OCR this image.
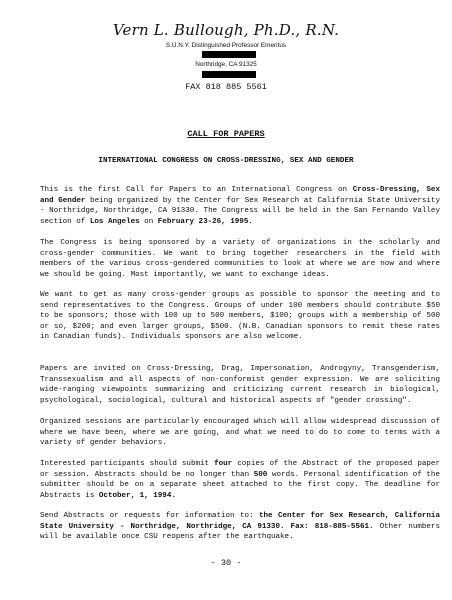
Vern L. Bullough, Ph.D., R.N.
S.U.N.Y. Distinguished Professor Emeritus
Northridge, CA 91325
FAX 818 885 5561
CALL FOR PAPERS
INTERNATIONAL CONGRESS ON CROSS-DRESSING, SEX AND GENDER

This is the first Call for Papers to an International Congress on Cross-Dressing, Sex and Gender being organized by the Center for Sex Research at California State University - Northridge, Northridge, CA 91330. The Congress will be held in the San Fernando Valley section of Los Angeles on February 23-26, 1995.

The Congress is being sponsored by a variety of organizations in the scholarly and cross-gender communities. We want to bring together researchers in the field with members of the various cross-gendered communities to look at where we are now and where we should be going. Most importantly, we want to exchange ideas.

We want to get as many cross-gender groups as possible to sponsor the meeting and to send representatives to the Congress. Groups of under 100 members should contribute $50 to be sponsors; those with 100 up to 500 members, $100; groups with a membership of 500 or so, $200; and even larger groups, $500. (N.B. Canadian sponsors to remit these rates in Canadian funds). Individuals sponsors are also welcome.

Papers are invited on Cross-Dressing, Drag, Impersonation, Androgyny, Transgenderism, Transsexualism and all aspects of non-conformist gender expression. We are soliciting wide-ranging viewpoints summarizing and criticizing current research in biological, psychological, sociological, cultural and historical aspects of "gender crossing".

Organized sessions are particularly encouraged which will allow widespread discussion of where we have been, where we are going, and what we need to do to come to terms with a variety of gender behaviors.

Interested participants should submit four copies of the Abstract of the proposed paper or session. Abstracts should be no longer than 500 words. Personal identification of the submitter should be on a separate sheet attached to the first copy. The deadline for Abstracts is October, 1, 1994.

Send Abstracts or requests for information to: the Center for Sex Research, California State University - Northridge, Northridge, CA 91330. Fax: 818-885-5561. Other numbers will be available once CSU reopens after the earthquake.

- 30 -
